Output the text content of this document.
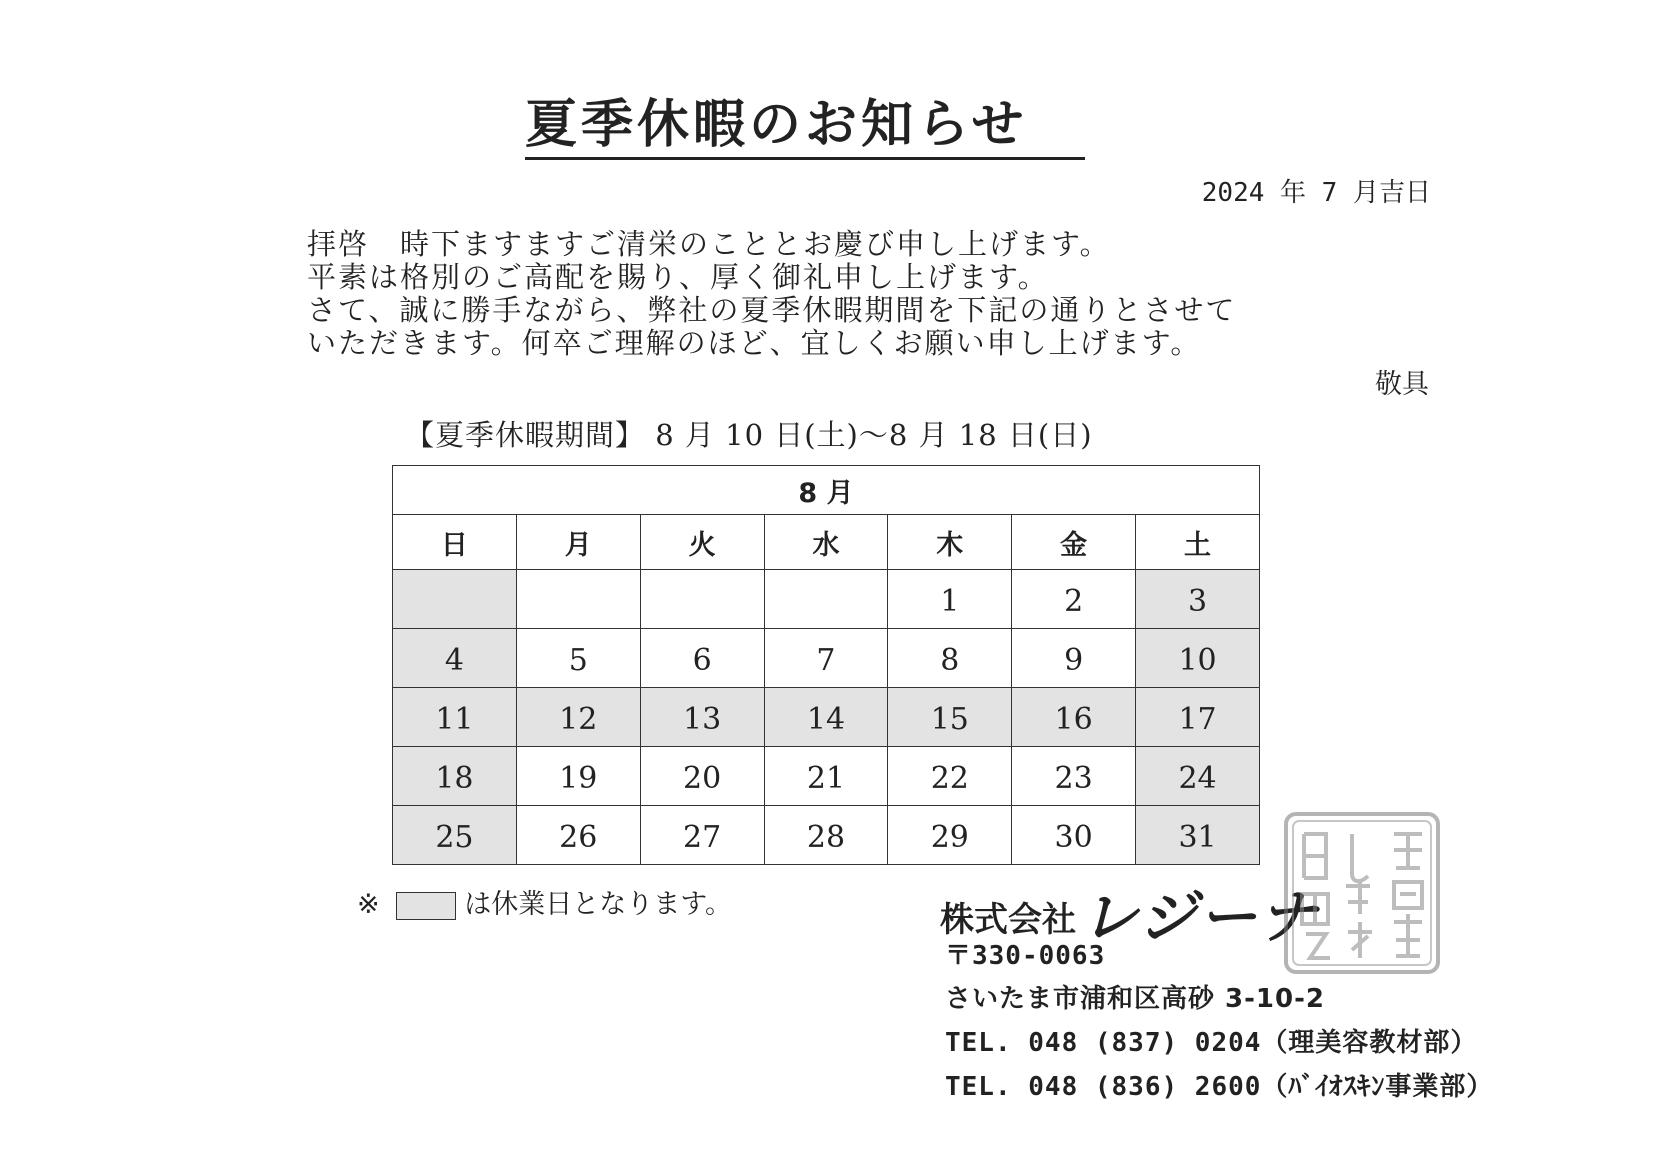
夏季休暇のお知らせ
2024 年 7 月吉日
拝啓　時下ますますご清栄のこととお慶び申し上げます。
平素は格別のご高配を賜り、厚く御礼申し上げます。
さて、誠に勝手ながら、弊社の夏季休暇期間を下記の通りとさせて
いただきます。何卒ご理解のほど、宜しくお願い申し上げます。
敬具
【夏季休暇期間】 8 月 10 日(土)〜8 月 18 日(日)
8 月						
日	月	火	水	木	金	土
				1	2	3
4	5	6	7	8	9	10
11	12	13	14	15	16	17
18	19	20	21	22	23	24
25	26	27	28	29	30	31
※	は休業日となります。	株式会社レジーナ
〒330-0063
さいたま市浦和区高砂 3-10-2
TEL. 048 (837) 0204（理美容教材部）
TEL. 048 (836) 2600（ﾊﾞｲｵｽｷﾝ事業部）
